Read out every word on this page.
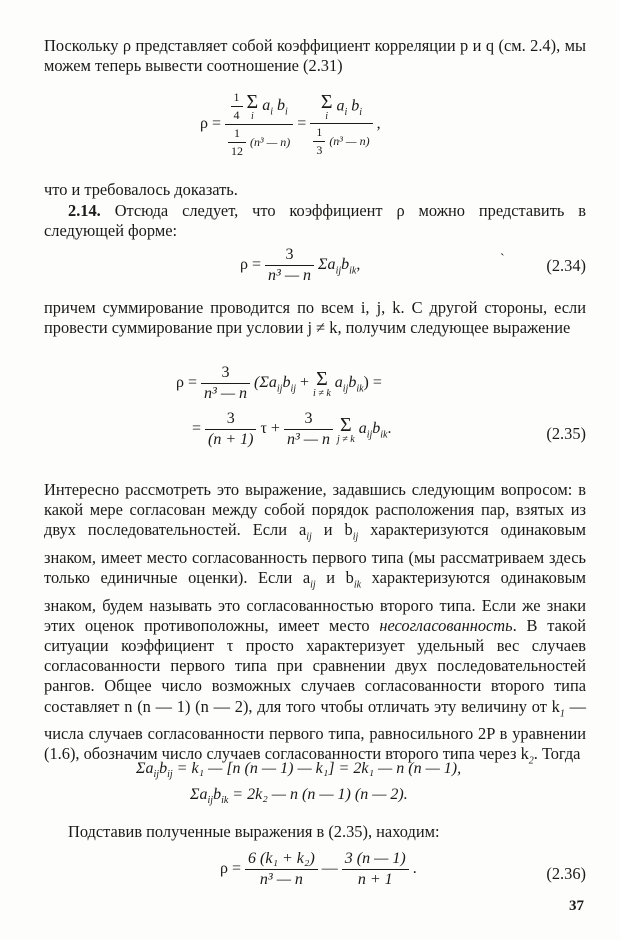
Поскольку ρ представляет собой коэффициент корреляции p и q (см. 2.4), мы можем теперь вывести соотношение (2.31)

$\rho = \frac{1}{4}$
Σ
i
$a_i$ $b_i$
$\frac{1}{12} (n^3$ — n) = Σ
i
$a_i$ $b_i$
$\frac{1}{3} (n^3$ — n) ,

что и требовалось доказать.

2.14. Отсюда следует, что коэффициент ρ можно представить в следующей форме:

$\rho = \frac{3}{\text{n³ — n}} \Sigma a_{ij}b_{ik}$,	ˋ	(2.34)

причем суммирование проводится по всем i, j, k. С другой стороны, если провести суммирование при условии j ≠ k, получим следующее выражение

$\rho = \frac{3}{\text{n³ — n}} (\Sigma a_{ij}b_{ij} + \Sigma$
i ≠ k
$a_{ij}b_{ik}$) =
= $\frac{3}{(n + 1)}$ $\tau + \frac{3}{\text{n³ — n}}$
Σ
j ≠ k
$a_{ij}b_{ik}$.	(2.35)

Интересно рассмотреть это выражение, задавшись следующим вопросом: в какой мере согласован между собой порядок расположения пар, взятых из двух последовательностей. Если $a_{ij}$ и $b_{ij}$ характеризуются одинаковым знаком, имеет место согласованность первого типа (мы рассматриваем здесь только единичные оценки). Если $a_{ij}$ и $b_{ik}$ характеризуются одинаковым знаком, будем называть это согласованностью второго типа. Если же знаки этих оценок противоположны, имеет место несогласованность. В такой ситуации коэффициент τ просто характеризует удельный вес случаев согласованности первого типа при сравнении двух последовательностей рангов. Общее число возможных случаев согласованности второго типа составляет n (n — 1) (n — 2), для того чтобы отличать эту величину от $k_1$ — числа случаев согласованности первого типа, равносильного 2P в уравнении (1.6), обозначим число случаев согласованности второго типа через $k_2$. Тогда

$\Sigma a_{ij}b_{ij} = k_1$ — [n (n — 1) — k₁] = 2k₁ — n (n — 1),
$\Sigma a_{ij}b_{ik} = 2k_2$ — n (n — 1) (n — 2).

Подставив полученные выражения в (2.35), находим:

$\rho = \frac{\text{6 (k₁ + k₂)}}{\text{n³ — n}}$ — $\frac{3 (n — 1)}{n + 1}$ .	(2.36)
37
